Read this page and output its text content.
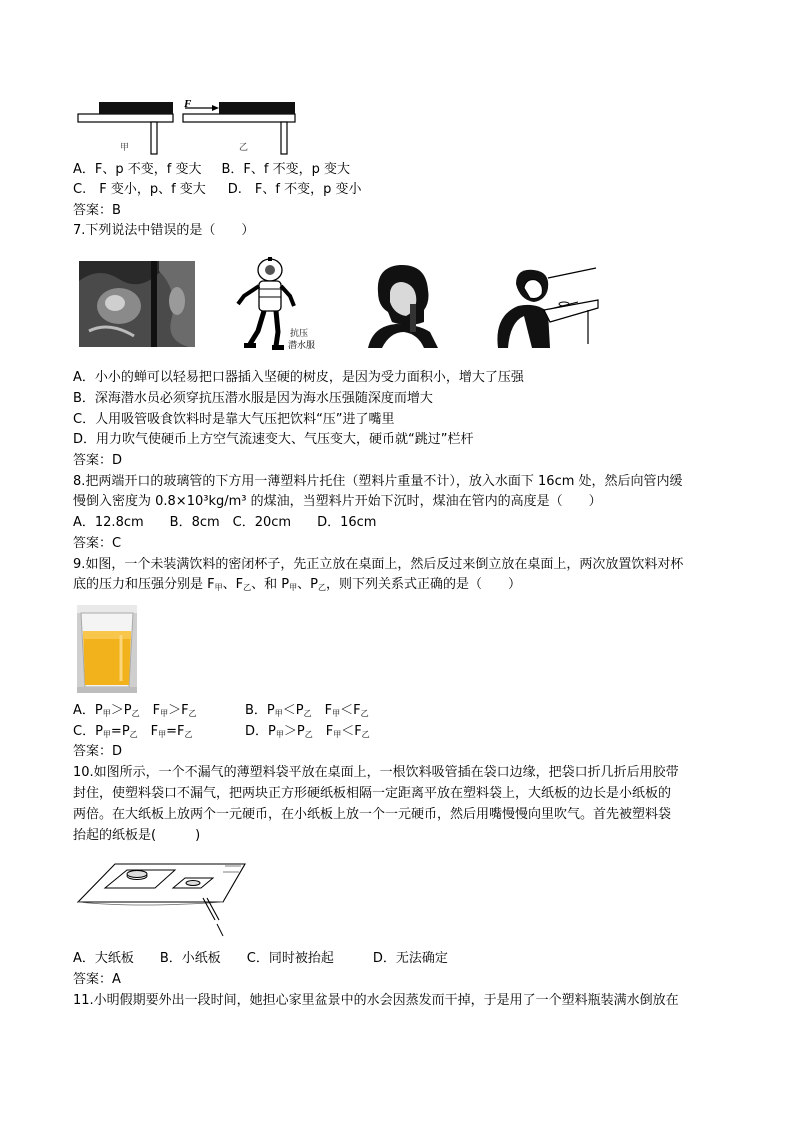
F
甲	乙
A．F、p 不变，f 变大 B．F、f 不变，p 变大
C.　F 变小，p、f 变大 D.　F、f 不变，p 变小
答案：B
7.下列说法中错误的是（　　）
抗压
潜水服
A．小小的蝉可以轻易把口器插入坚硬的树皮，是因为受力面积小，增大了压强
B．深海潜水员必须穿抗压潜水服是因为海水压强随深度而增大
C．人用吸管吸食饮料时是靠大气压把饮料“压”进了嘴里
D．用力吹气使硬币上方空气流速变大、气压变大，硬币就“跳过”栏杆
答案：D
8.把两端开口的玻璃管的下方用一薄塑料片托住（塑料片重量不计），放入水面下 16cm 处，然后向管内缓
慢倒入密度为 0.8×10³kg/m³ 的煤油，当塑料片开始下沉时，煤油在管内的高度是（　　）
A．12.8cm　　B．8cm　C．20cm　　D．16cm
答案：C
9.如图，一个未装满饮料的密闭杯子，先正立放在桌面上，然后反过来倒立放在桌面上，两次放置饮料对杯
底的压力和压强分别是 $F_甲$、$F_乙$、和 $P_甲$、$P_乙$，则下列关系式正确的是（　　）
A．$P_甲>P_乙$　$F_甲>F_乙$	B．$P_甲<P_乙$　$F_甲<F_乙$
C．$P_甲=P_乙$　$F_甲=F_乙$	D．$P_甲>P_乙$　$F_甲<F_乙$
答案：D
10.如图所示，一个不漏气的薄塑料袋平放在桌面上，一根饮料吸管插在袋口边缘，把袋口折几折后用胶带
封住，使塑料袋口不漏气，把两块正方形硬纸板相隔一定距离平放在塑料袋上，大纸板的边长是小纸板的
两倍。在大纸板上放两个一元硬币，在小纸板上放一个一元硬币，然后用嘴慢慢向里吹气。首先被塑料袋
抬起的纸板是(　　　)
A．大纸板　　B．小纸板　　C．同时被抬起　　　D．无法确定
答案：A
11.小明假期要外出一段时间，她担心家里盆景中的水会因蒸发而干掉，于是用了一个塑料瓶装满水倒放在
